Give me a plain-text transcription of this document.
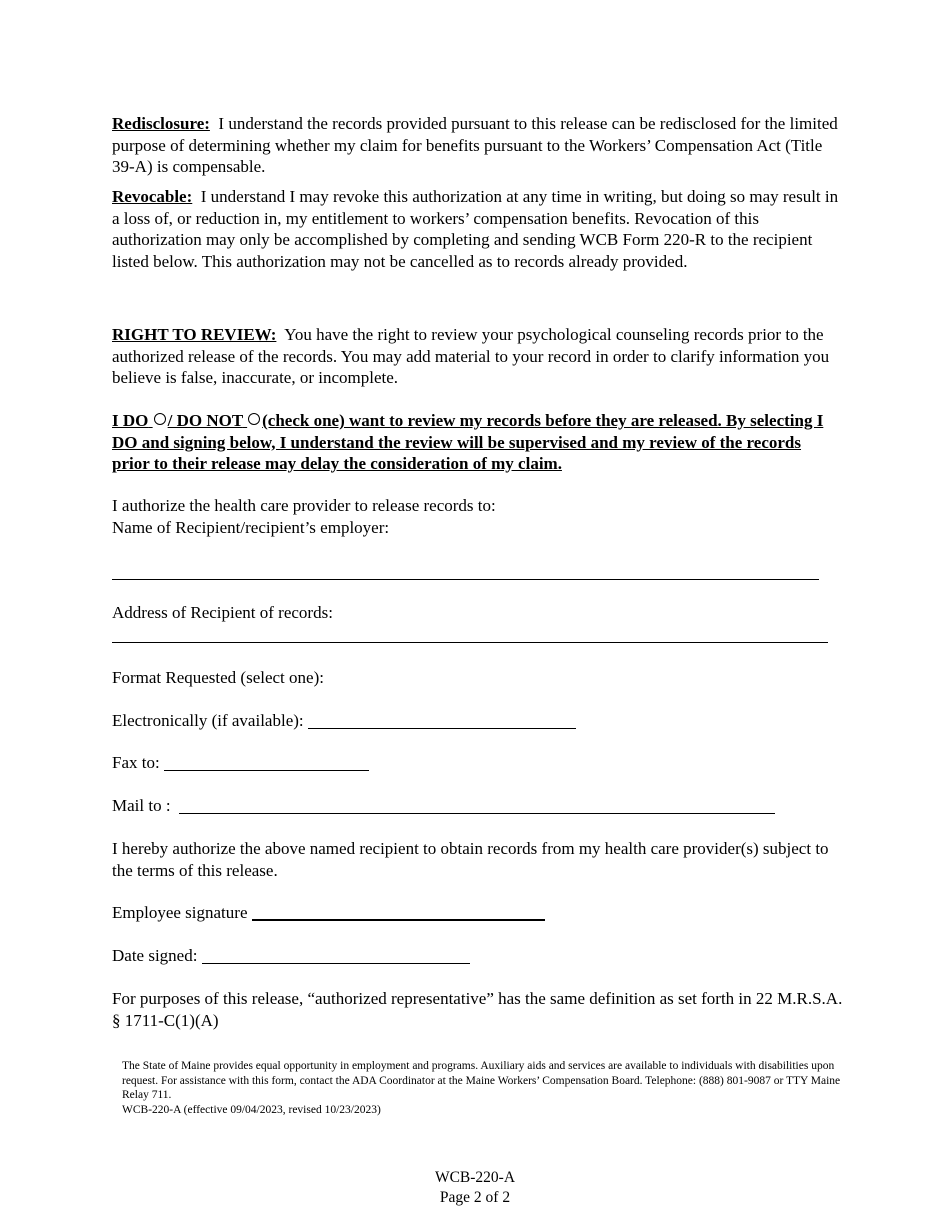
Redisclosure: I understand the records provided pursuant to this release can be redisclosed for the limited purpose of determining whether my claim for benefits pursuant to the Workers’ Compensation Act (Title 39-A) is compensable.

Revocable: I understand I may revoke this authorization at any time in writing, but doing so may result in a loss of, or reduction in, my entitlement to workers’ compensation benefits. Revocation of this authorization may only be accomplished by completing and sending WCB Form 220-R to the recipient listed below. This authorization may not be cancelled as to records already provided.

RIGHT TO REVIEW: You have the right to review your psychological counseling records prior to the authorized release of the records. You may add material to your record in order to clarify information you believe is false, inaccurate, or incomplete.

I DO / DO NOT (check one) want to review my records before they are released. By selecting I DO and signing below, I understand the review will be supervised and my review of the records prior to their release may delay the consideration of my claim.

I authorize the health care provider to release records to:

Name of Recipient/recipient’s employer:

Address of Recipient of records:

Format Requested (select one):

Electronically (if available):

Fax to:

Mail to :

I hereby authorize the above named recipient to obtain records from my health care provider(s) subject to the terms of this release.

Employee signature

Date signed:

For purposes of this release, “authorized representative” has the same definition as set forth in 22 M.R.S.A. § 1711-C(1)(A)

The State of Maine provides equal opportunity in employment and programs. Auxiliary aids and services are available to individuals with disabilities upon request. For assistance with this form, contact the ADA Coordinator at the Maine Workers’ Compensation Board. Telephone: (888) 801-9087 or TTY Maine Relay 711.

WCB-220-A (effective 09/04/2023, revised 10/23/2023)

WCB-220-A
Page 2 of 2
